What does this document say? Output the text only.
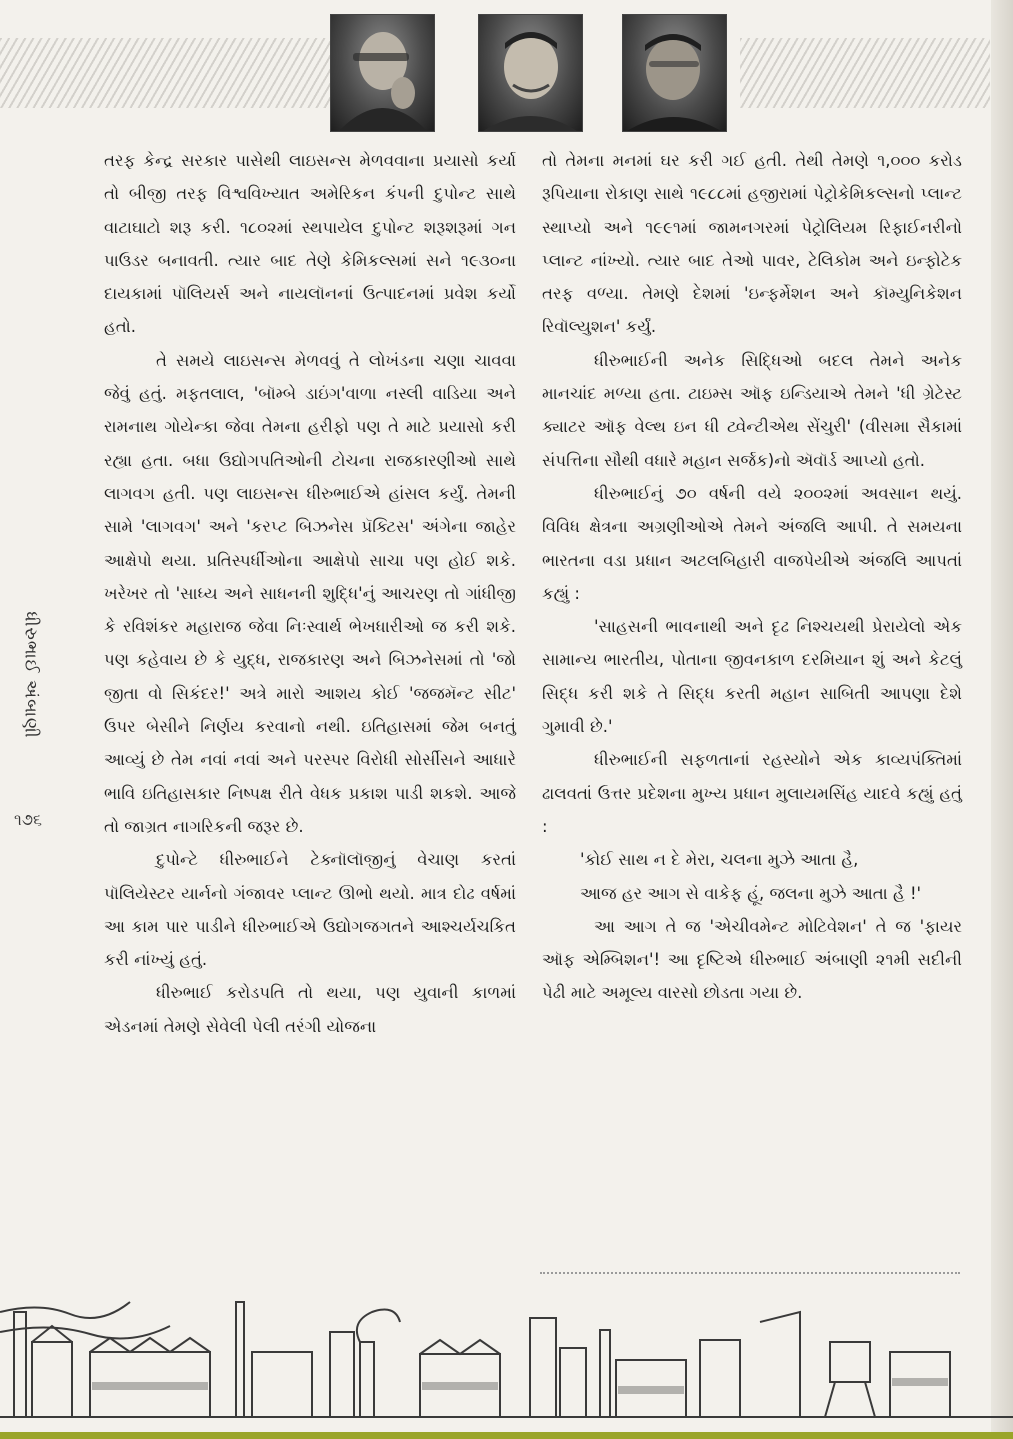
ધીરુભાઈ અંબાણી
૧૭૬

તરફ કેન્દ્ર સરકાર પાસેથી લાઇસન્સ મેળવવાના પ્રયાસો કર્યા તો બીજી તરફ વિશ્વવિખ્યાત અમેરિકન કંપની દુપોન્ટ સાથે વાટાઘાટો શરૂ કરી. ૧૮૦૨માં સ્થપાયેલ દુપોન્ટ શરૂશરૂમાં ગન પાઉડર બનાવતી. ત્યાર બાદ તેણે કેમિકલ્સમાં સને ૧૯૩૦ના દાયકામાં પૉલિયર્સ અને નાયલૉનનાં ઉત્પાદનમાં પ્રવેશ કર્યો હતો.

તે સમયે લાઇસન્સ મેળવવું તે લોખંડના ચણા ચાવવા જેવું હતું. મફતલાલ, 'બૉમ્બે ડાઇંગ'વાળા નસ્લી વાડિયા અને રામનાથ ગોયેન્કા જેવા તેમના હરીફો પણ તે માટે પ્રયાસો કરી રહ્યા હતા. બધા ઉદ્યોગપતિઓની ટોચના રાજકારણીઓ સાથે લાગવગ હતી. પણ લાઇસન્સ ધીરુભાઈએ હાંસલ કર્યું. તેમની સામે 'લાગવગ' અને 'કરપ્ટ બિઝનેસ પ્રૅક્ટિસ' અંગેના જાહેર આક્ષેપો થયા. પ્રતિસ્પર્ધીઓના આક્ષેપો સાચા પણ હોઈ શકે. ખરેખર તો 'સાધ્ય અને સાધનની શુદ્ધિ'નું આચરણ તો ગાંધીજી કે રવિશંકર મહારાજ જેવા નિઃસ્વાર્થ ભેખધારીઓ જ કરી શકે. પણ કહેવાય છે કે યુદ્ધ, રાજકારણ અને બિઝનેસમાં તો 'જો જીતા વો સિકંદર!' અત્રે મારો આશય કોઈ 'જજમૅન્ટ સીટ' ઉપર બેસીને નિર્ણય કરવાનો નથી. ઇતિહાસમાં જેમ બનતું આવ્યું છે તેમ નવાં નવાં અને પરસ્પર વિરોધી સોર્સીસને આધારે ભાવિ ઇતિહાસકાર નિષ્પક્ષ રીતે વેધક પ્રકાશ પાડી શકશે. આજે તો જાગ્રત નાગરિકની જરૂર છે.

દુપોન્ટે ધીરુભાઈને ટેક્નૉલૉજીનું વેચાણ કરતાં પૉલિયેસ્ટર યાર્નનો ગંજાવર પ્લાન્ટ ઊભો થયો. માત્ર દોઢ વર્ષમાં આ કામ પાર પાડીને ધીરુભાઈએ ઉદ્યોગજગતને આશ્ચર્યચકિત કરી નાંખ્યું હતું.

ધીરુભાઈ કરોડપતિ તો થયા, પણ યુવાની કાળમાં એડનમાં તેમણે સેવેલી પેલી તરંગી યોજના

તો તેમના મનમાં ઘર કરી ગઈ હતી. તેથી તેમણે ૧,૦૦૦ કરોડ રૂપિયાના રોકાણ સાથે ૧૯૮૮માં હજીરામાં પેટ્રોકેમિકલ્સનો પ્લાન્ટ સ્થાપ્યો અને ૧૯૯૧માં જામનગરમાં પેટ્રોલિયમ રિફાઈનરીનો પ્લાન્ટ નાંખ્યો. ત્યાર બાદ તેઓ પાવર, ટેલિકોમ અને ઇન્ફોટેક તરફ વળ્યા. તેમણે દેશમાં 'ઇન્ફર્મેશન અને કૉમ્યુનિકેશન રિવૉલ્યુશન' કર્યું.

ધીરુભાઈની અનેક સિદ્ધિઓ બદલ તેમને અનેક માનચાંદ મળ્યા હતા. ટાઇમ્સ ઑફ ઇન્ડિયાએ તેમને 'ધી ગ્રેટેસ્ટ ક્યાટર ઑફ વેલ્થ ઇન ધી ટ્વેન્ટીએથ સેંચુરી' (વીસમા સૈકામાં સંપત્તિના સૌથી વધારે મહાન સર્જક)નો ઍવૉર્ડ આપ્યો હતો.

ધીરુભાઈનું ૭૦ વર્ષની વયે ૨૦૦૨માં અવસાન થયું. વિવિધ ક્ષેત્રના અગ્રણીઓએ તેમને અંજલિ આપી. તે સમયના ભારતના વડા પ્રધાન અટલબિહારી વાજપેયીએ અંજલિ આપતાં કહ્યું :

'સાહસની ભાવનાથી અને દૃઢ નિશ્ચયથી પ્રેરાયેલો એક સામાન્ય ભારતીય, પોતાના જીવનકાળ દરમિયાન શું અને કેટલું સિદ્ધ કરી શકે તે સિદ્ધ કરતી મહાન સાબિતી આપણા દેશે ગુમાવી છે.'

ધીરુભાઈની સફળતાનાં રહસ્યોને એક કાવ્યપંક્તિમાં ઢાલવતાં ઉત્તર પ્રદેશના મુખ્ય પ્રધાન મુલાયમસિંહ યાદવે કહ્યું હતું :

'કોઈ સાથ ન દે મેરા, ચલના મુઝે આતા હૈ,

આજ હર આગ સે વાકેફ હૂં, જલના મુઝે આતા હૈ !'

આ આગ તે જ 'એચીવમેન્ટ મોટિવેશન' તે જ 'ફાયર ઑફ એમ્બિશન'! આ દૃષ્ટિએ ધીરુભાઈ અંબાણી ૨૧મી સદીની પેઢી માટે અમૂલ્ય વારસો છોડતા ગયા છે.
